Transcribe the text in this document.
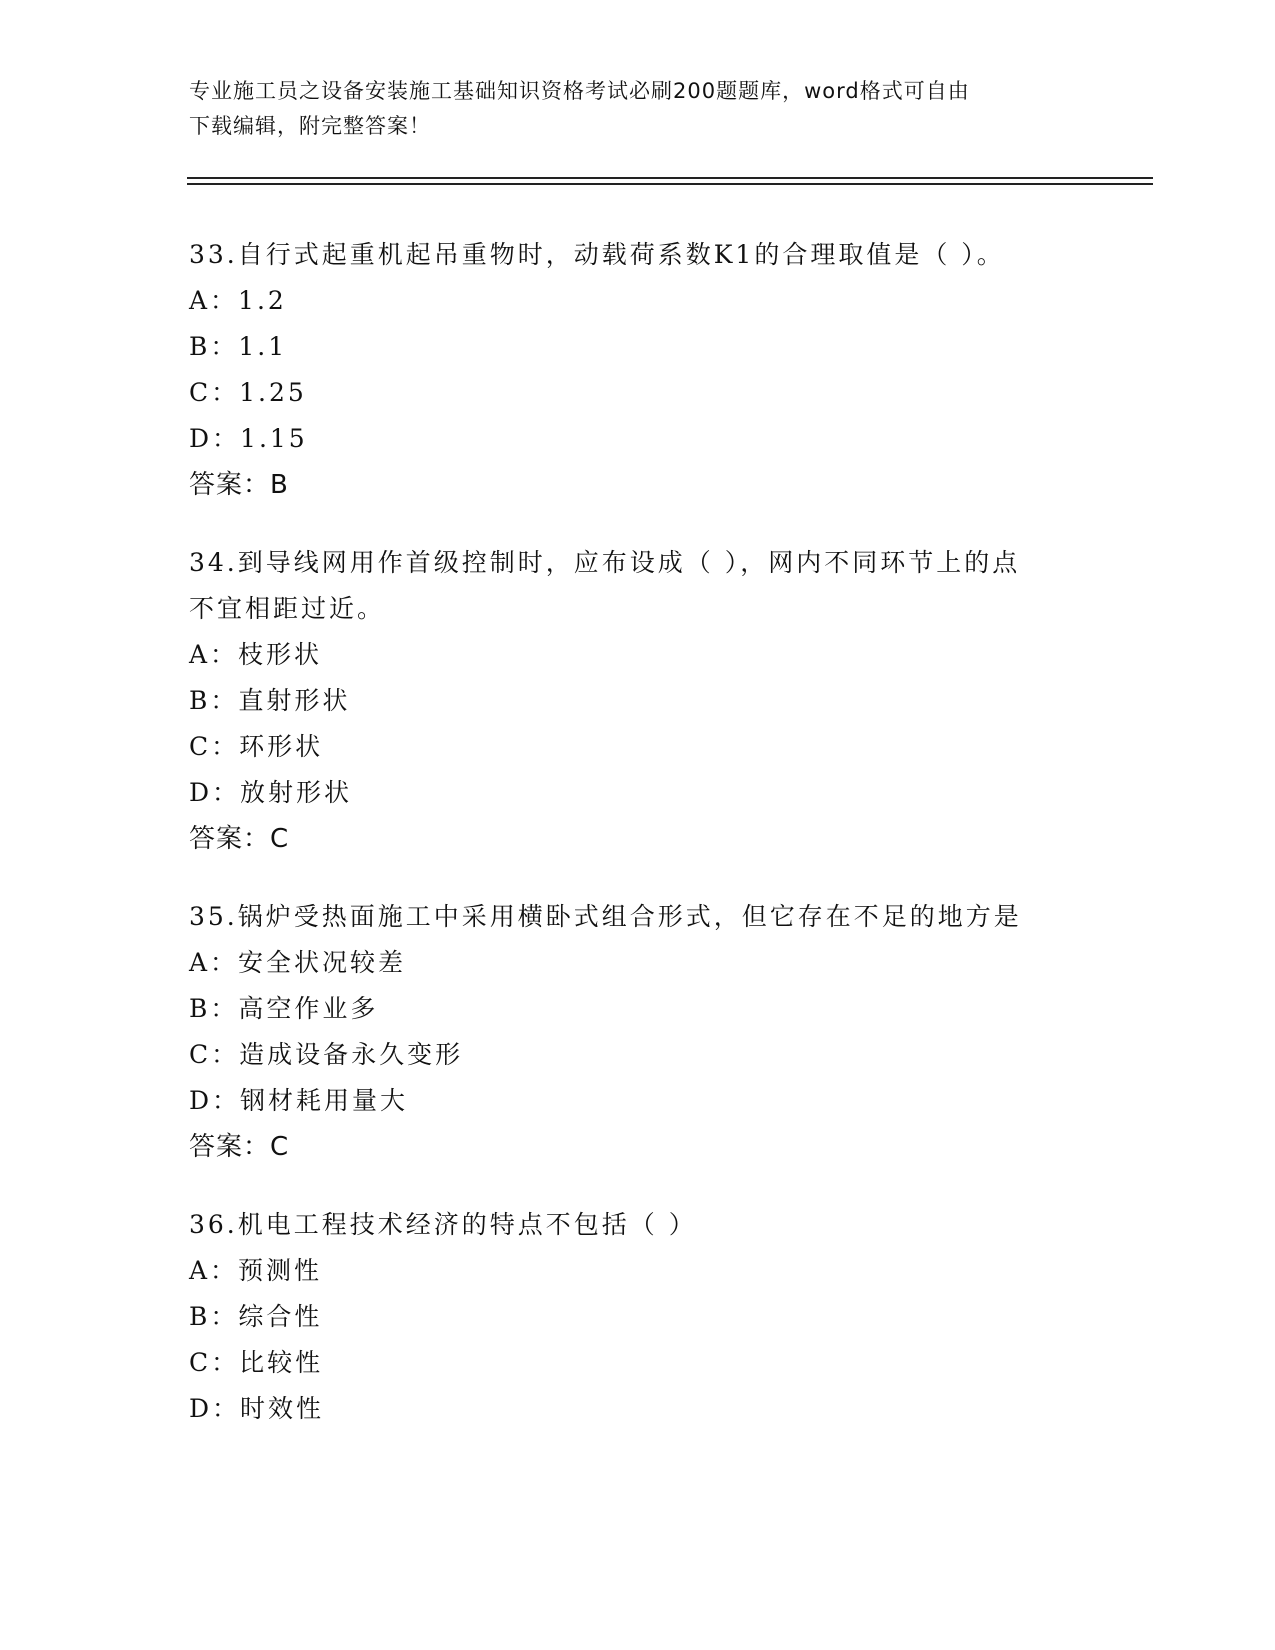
专业施工员之设备安装施工基础知识资格考试必刷200题题库，word格式可自由
下载编辑，附完整答案！
33.自行式起重机起吊重物时，动载荷系数K1的合理取值是（ ）。
A：1.2
B：1.1
C：1.25
D：1.15
答案：B
34.到导线网用作首级控制时，应布设成（ ），网内不同环节上的点
不宜相距过近。
A：枝形状
B：直射形状
C：环形状
D：放射形状
答案：C
35.锅炉受热面施工中采用横卧式组合形式，但它存在不足的地方是
A：安全状况较差
B：高空作业多
C：造成设备永久变形
D：钢材耗用量大
答案：C
36.机电工程技术经济的特点不包括（ ）
A：预测性
B：综合性
C：比较性
D：时效性
